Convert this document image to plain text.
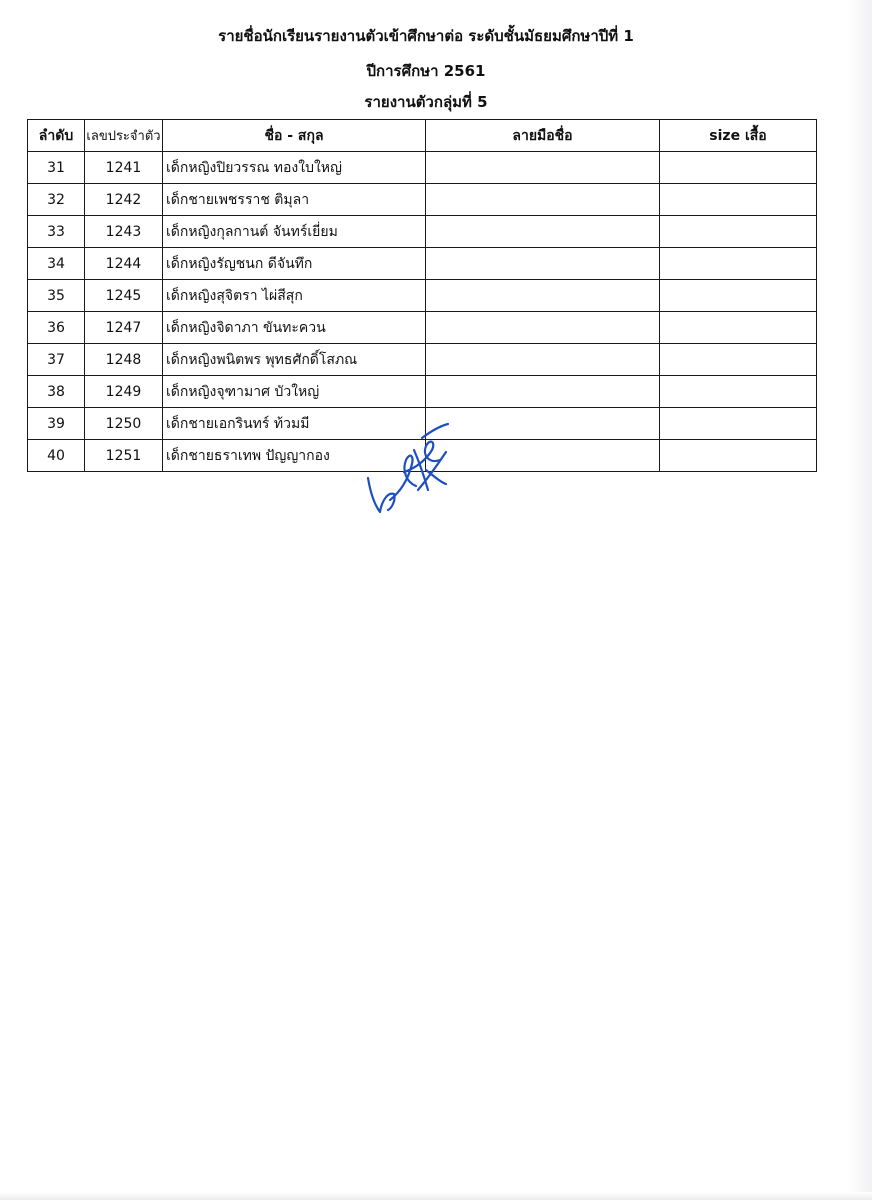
รายชื่อนักเรียนรายงานตัวเข้าศึกษาต่อ ระดับชั้นมัธยมศึกษาปีที่ 1
ปีการศึกษา 2561
รายงานตัวกลุ่มที่ 5
ลำดับ	เลขประจำตัว	ชื่อ - สกุล	ลายมือชื่อ	size เสื้อ
31	1241	เด็กหญิงปิยวรรณ ทองใบใหญ่		
32	1242	เด็กชายเพชรราช ติมุลา		
33	1243	เด็กหญิงกุลกานต์ จันทร์เยี่ยม		
34	1244	เด็กหญิงรัญชนก ดีจันทึก		
35	1245	เด็กหญิงสุจิตรา ไผ่สีสุก		
36	1247	เด็กหญิงจิดาภา ขันทะควน		
37	1248	เด็กหญิงพนิตพร พุทธศักดิ์โสภณ		
38	1249	เด็กหญิงจุฑามาศ บัวใหญ่		
39	1250	เด็กชายเอกรินทร์ ท้วมมี		
40	1251	เด็กชายธราเทพ ปัญญากอง		
